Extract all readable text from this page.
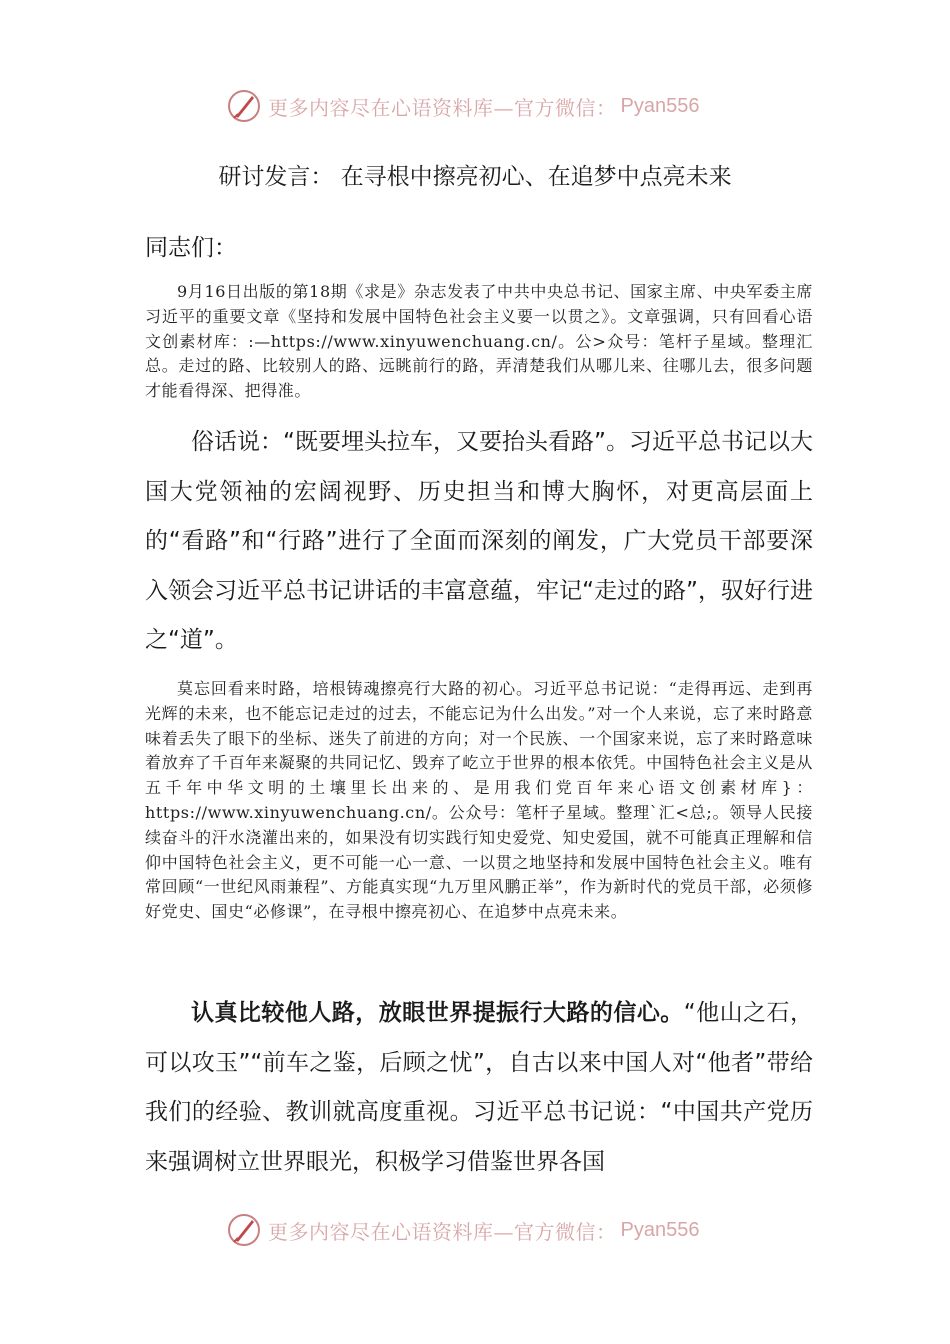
更多内容尽在心语资料库—官方微信： Pyan556
研讨发言： 在寻根中擦亮初心、在追梦中点亮未来
同志们：

9月16日出版的第18期《求是》杂志发表了中共中央总书记、国家主席、中央军委主席习近平的重要文章《坚持和发展中国特色社会主义要一以贯之》。文章强调，只有回看心语文创素材库：:—https://www.xinyuwenchuang.cn/。公>众号：笔杆子星域。整理汇总。走过的路、比较别人的路、远眺前行的路，弄清楚我们从哪儿来、往哪儿去，很多问题才能看得深、把得准。

俗话说：“既要埋头拉车，又要抬头看路”。习近平总书记以大国大党领袖的宏阔视野、历史担当和博大胸怀，对更高层面上的“看路”和“行路”进行了全面而深刻的阐发，广大党员干部要深入领会习近平总书记讲话的丰富意蕴，牢记“走过的路”，驭好行进之“道”。

莫忘回看来时路，培根铸魂擦亮行大路的初心。习近平总书记说：“走得再远、走到再光辉的未来，也不能忘记走过的过去，不能忘记为什么出发。”对一个人来说，忘了来时路意味着丢失了眼下的坐标、迷失了前进的方向；对一个民族、一个国家来说，忘了来时路意味着放弃了千百年来凝聚的共同记忆、毁弃了屹立于世界的根本依凭。中国特色社会主义是从五千年中华文明的土壤里长出来的、是用我们党百年来心语文创素材库}：https://www.xinyuwenchuang.cn/。公众号：笔杆子星域。整理`汇<总;。领导人民接续奋斗的汗水浇灌出来的，如果没有切实践行知史爱党、知史爱国，就不可能真正理解和信仰中国特色社会主义，更不可能一心一意、一以贯之地坚持和发展中国特色社会主义。唯有常回顾“一世纪风雨兼程”、方能真实现“九万里风鹏正举”，作为新时代的党员干部，必须修好党史、国史“必修课”，在寻根中擦亮初心、在追梦中点亮未来。

认真比较他人路，放眼世界提振行大路的信心。“他山之石，可以攻玉”“前车之鉴，后顾之忧”，自古以来中国人对“他者”带给我们的经验、教训就高度重视。习近平总书记说：“中国共产党历来强调树立世界眼光，积极学习借鉴世界各国

更多内容尽在心语资料库—官方微信： Pyan556
